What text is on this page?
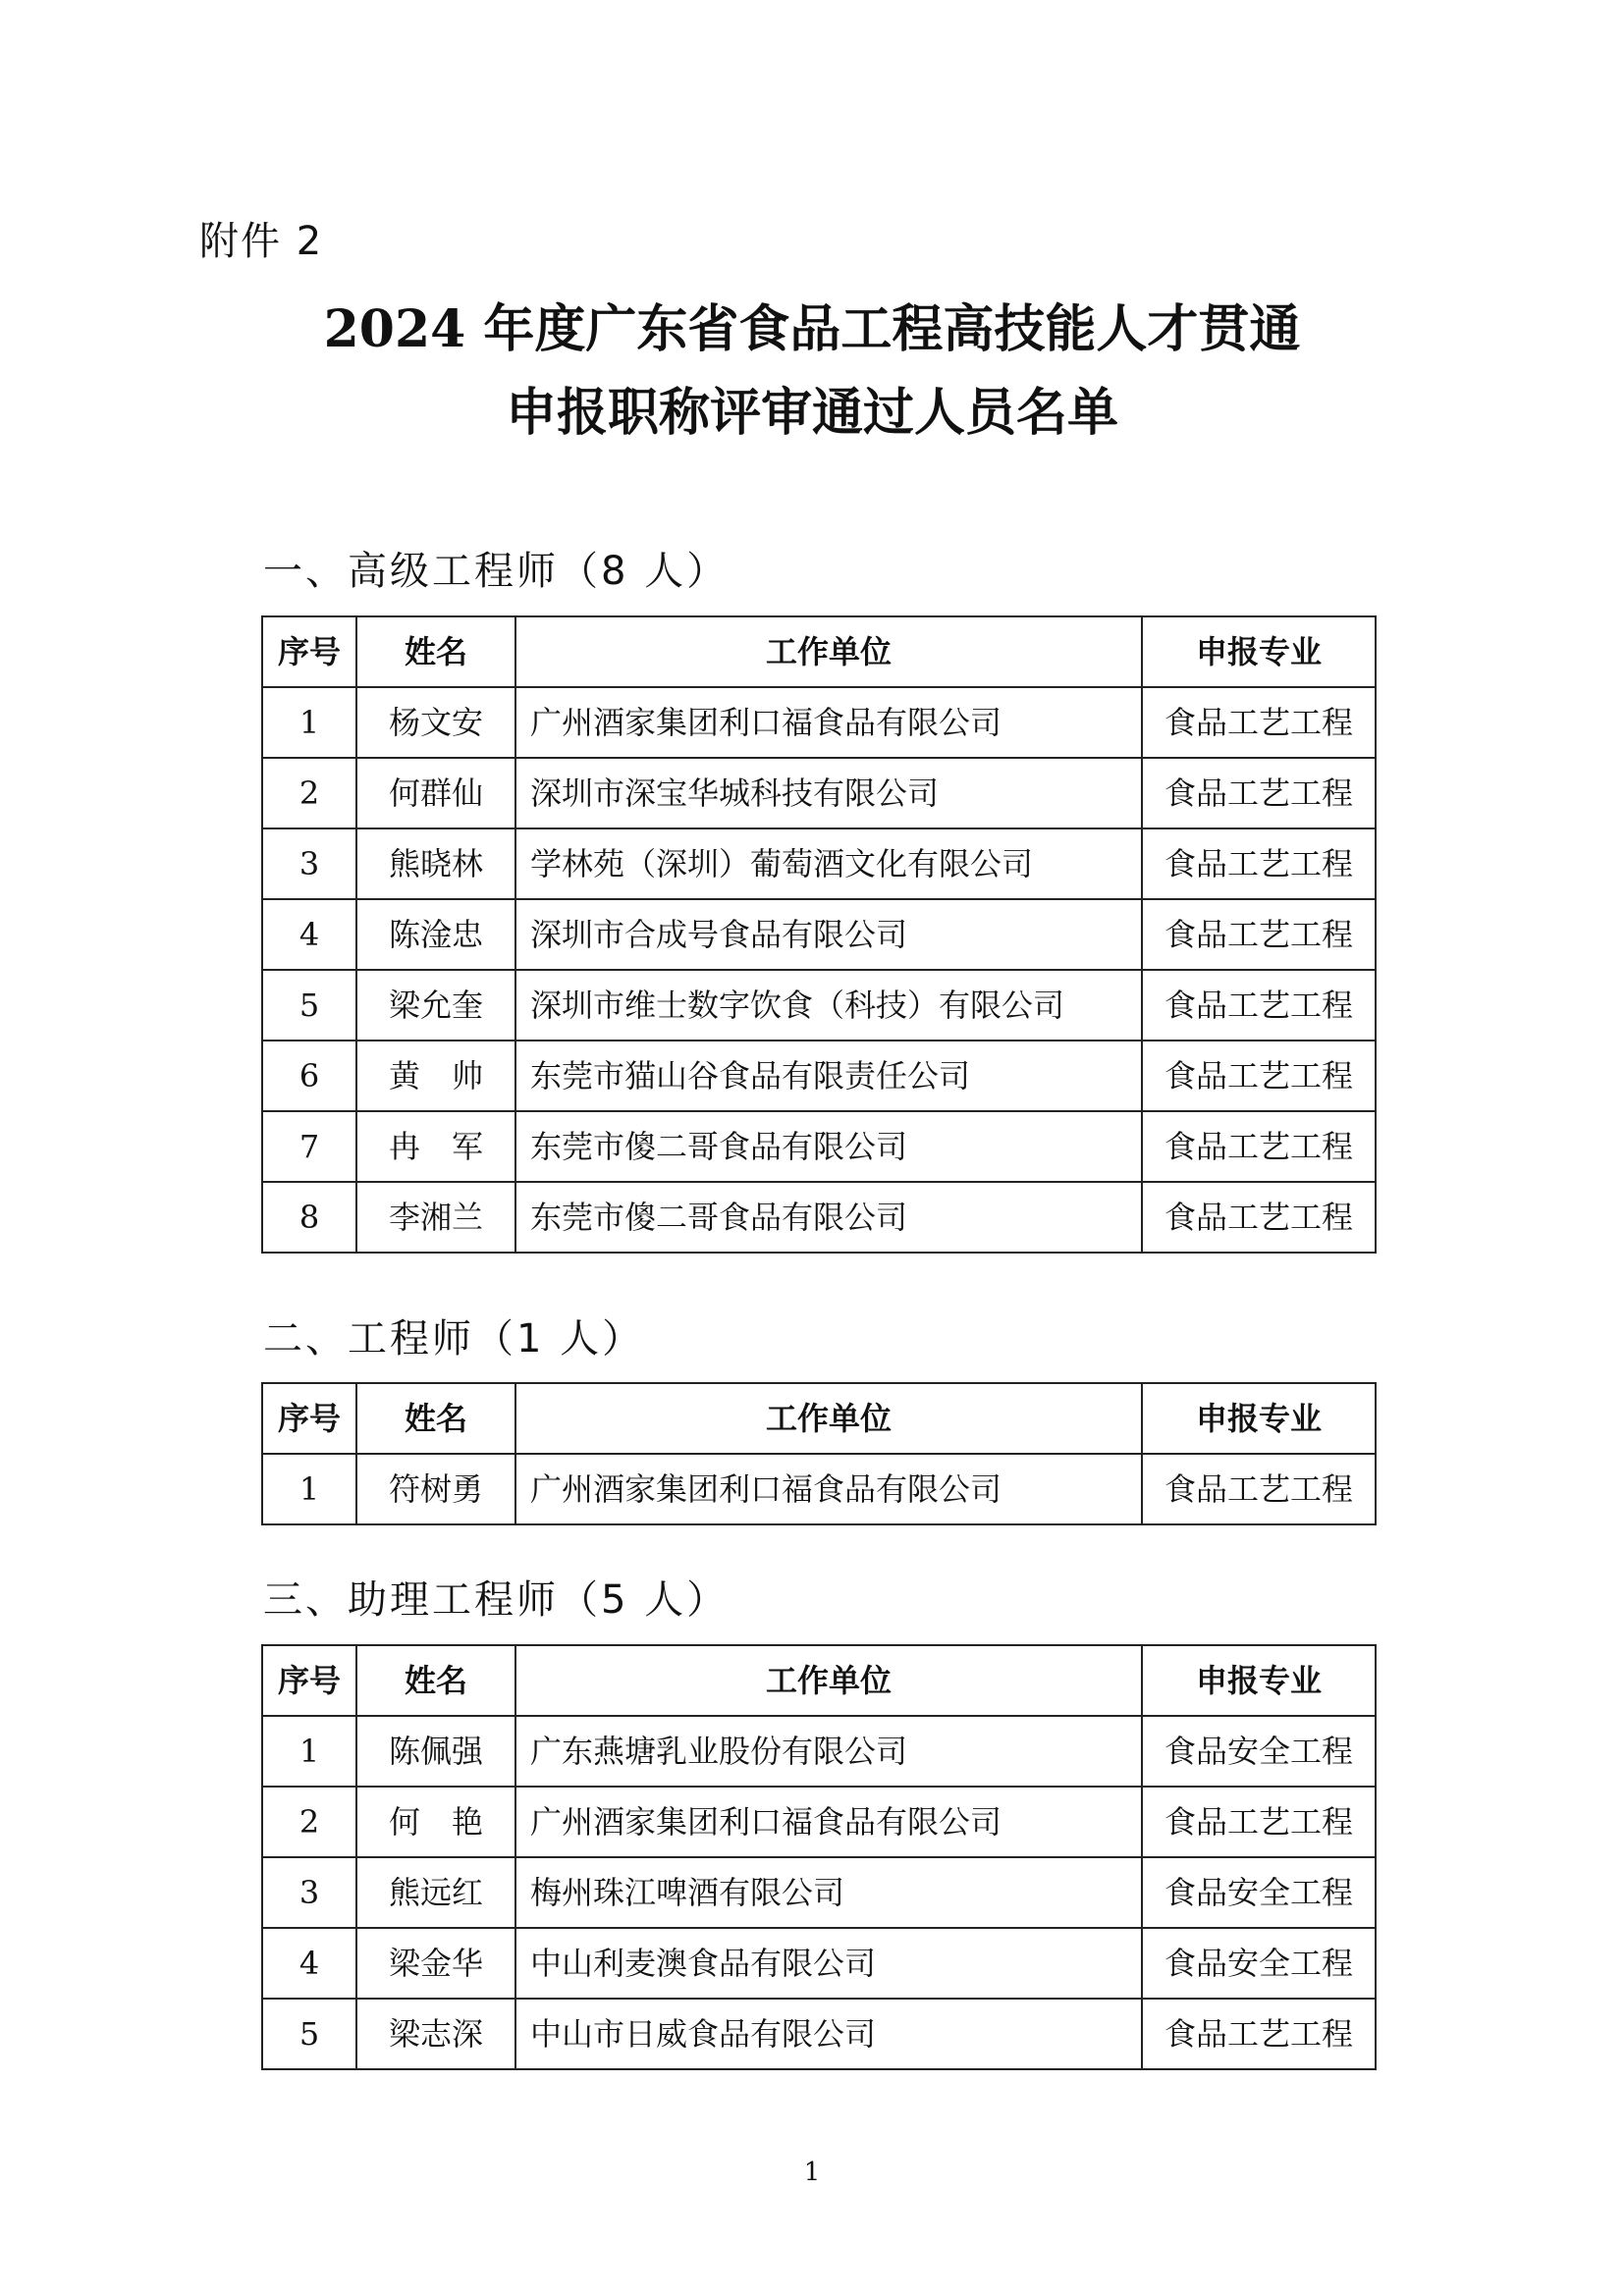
附件 2
2024 年度广东省食品工程高技能人才贯通
申报职称评审通过人员名单
一、高级工程师（8 人）
序号	姓名	工作单位	申报专业
1	杨文安	广州酒家集团利口福食品有限公司	食品工艺工程
2	何群仙	深圳市深宝华城科技有限公司	食品工艺工程
3	熊晓林	学林苑（深圳）葡萄酒文化有限公司	食品工艺工程
4	陈淦忠	深圳市合成号食品有限公司	食品工艺工程
5	梁允奎	深圳市维士数字饮食（科技）有限公司	食品工艺工程
6	黄　帅	东莞市猫山谷食品有限责任公司	食品工艺工程
7	冉　军	东莞市傻二哥食品有限公司	食品工艺工程
8	李湘兰	东莞市傻二哥食品有限公司	食品工艺工程
二、工程师（1 人）
序号	姓名	工作单位	申报专业
1	符树勇	广州酒家集团利口福食品有限公司	食品工艺工程
三、助理工程师（5 人）
序号	姓名	工作单位	申报专业
1	陈佩强	广东燕塘乳业股份有限公司	食品安全工程
2	何　艳	广州酒家集团利口福食品有限公司	食品工艺工程
3	熊远红	梅州珠江啤酒有限公司	食品安全工程
4	梁金华	中山利麦澳食品有限公司	食品安全工程
5	梁志深	中山市日威食品有限公司	食品工艺工程
1
